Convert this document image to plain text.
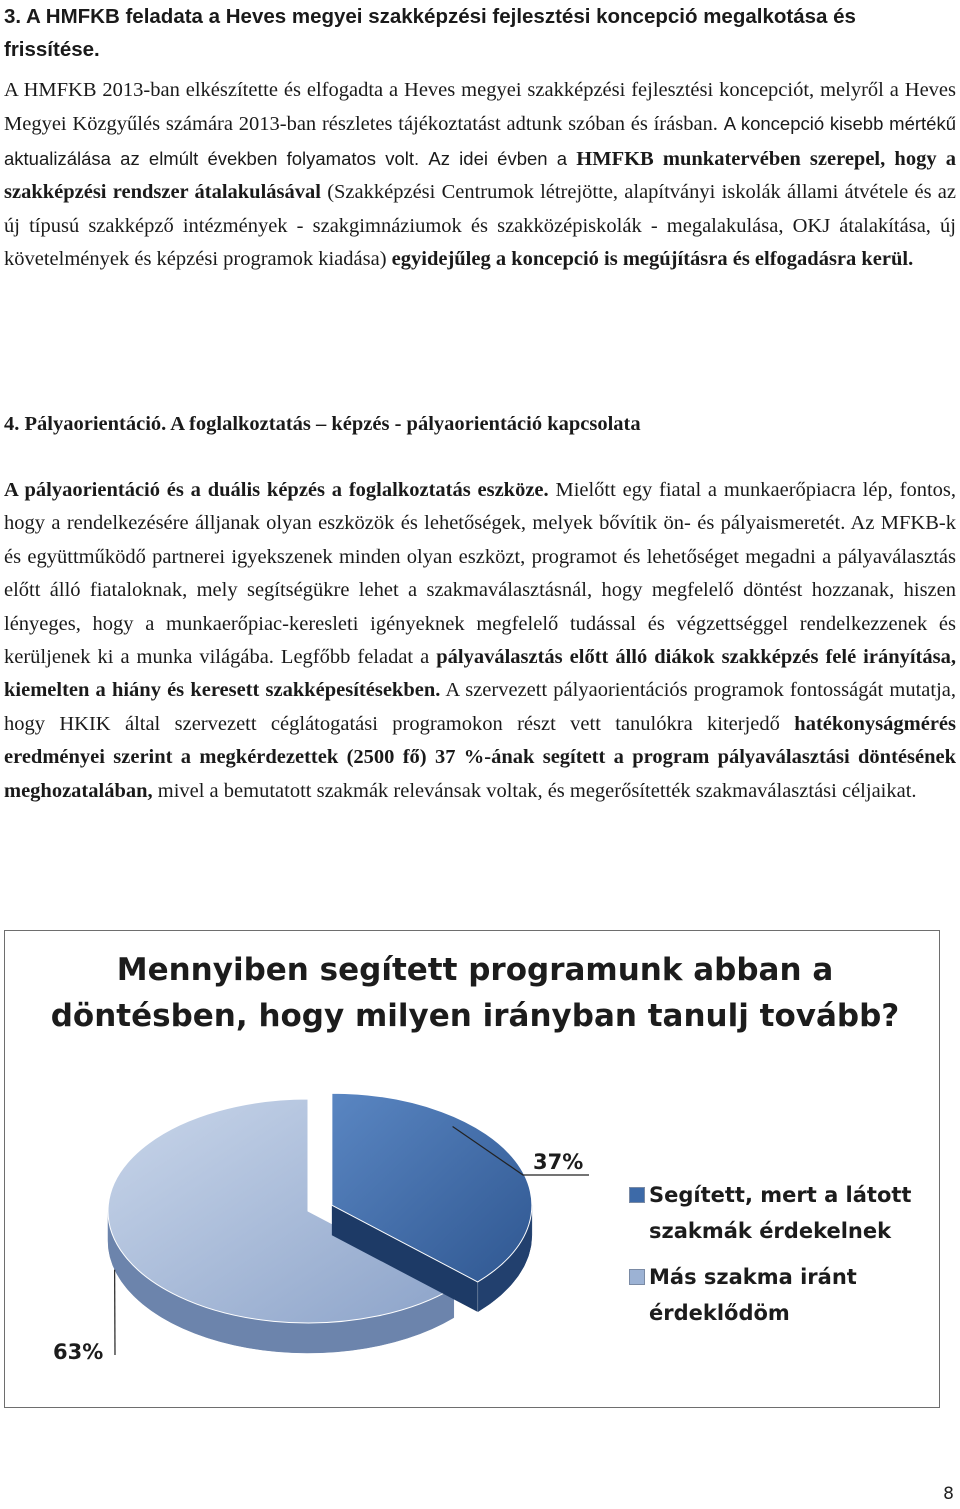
3. A HMFKB feladata a Heves megyei szakképzési fejlesztési koncepció megalkotása és frissítése.

A HMFKB 2013-ban elkészítette és elfogadta a Heves megyei szakképzési fejlesztési koncepciót, melyről a Heves Megyei Közgyűlés számára 2013-ban részletes tájékoztatást adtunk szóban és írásban. A koncepció kisebb mértékű aktualizálása az elmúlt években folyamatos volt. Az idei évben a HMFKB munkatervében szerepel, hogy a szakképzési rendszer átalakulásával (Szakképzési Centrumok létrejötte, alapítványi iskolák állami átvétele és az új típusú szakképző intézmények - szakgimnáziumok és szakközépiskolák - megalakulása, OKJ átalakítása, új követelmények és képzési programok kiadása) egyidejűleg a koncepció is megújításra és elfogadásra kerül.

4. Pályaorientáció. A foglalkoztatás – képzés - pályaorientáció kapcsolata

A pályaorientáció és a duális képzés a foglalkoztatás eszköze. Mielőtt egy fiatal a munkaerőpiacra lép, fontos, hogy a rendelkezésére álljanak olyan eszközök és lehetőségek, melyek bővítik ön- és pályaismeretét. Az MFKB-k és együttműködő partnerei igyekszenek minden olyan eszközt, programot és lehetőséget megadni a pályaválasztás előtt álló fiataloknak, mely segítségükre lehet a szakmaválasztásnál, hogy megfelelő döntést hozzanak, hiszen lényeges, hogy a munkaerőpiac-keresleti igényeknek megfelelő tudással és végzettséggel rendelkezzenek és kerüljenek ki a munka világába. Legfőbb feladat a pályaválasztás előtt álló diákok szakképzés felé irányítása, kiemelten a hiány és keresett szakképesítésekben. A szervezett pályaorientációs programok fontosságát mutatja, hogy HKIK által szervezett céglátogatási programokon részt vett tanulókra kiterjedő hatékonyságmérés eredményei szerint a megkérdezettek (2500 fő) 37 %-ának segített a program pályaválasztási döntésének meghozatalában, mivel a bemutatott szakmák relevánsak voltak, és megerősítették szakmaválasztási céljaikat.

Mennyiben segített programunk abban a döntésben, hogy milyen irányban tanulj tovább?
37%
63%
Segített, mert a látott szakmák érdekelnek
Más szakma iránt érdeklődöm
8
